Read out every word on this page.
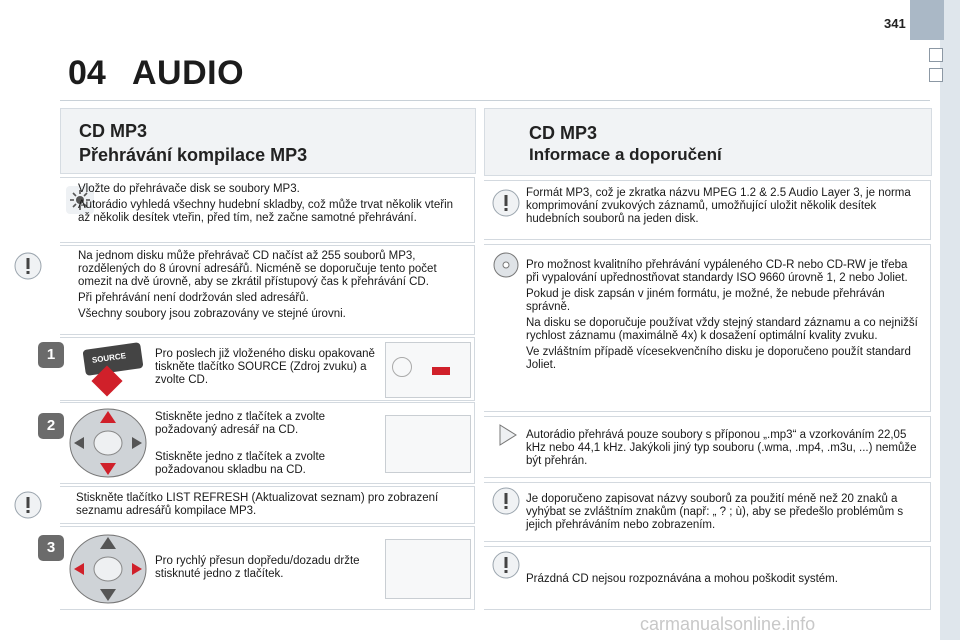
341
04 AUDIO
CD MP3
Přehrávání kompilace MP3

Vložte do přehrávače disk se soubory MP3.

Autorádio vyhledá všechny hudební skladby, což může trvat několik vteřin až několik desítek vteřin, před tím, než začne samotné přehrávání.

Na jednom disku může přehrávač CD načíst až 255 souborů MP3, rozdělených do 8 úrovní adresářů. Nicméně se doporučuje tento počet omezit na dvě úrovně, aby se zkrátil přístupový čas k přehrávání CD.

Při přehrávání není dodržován sled adresářů.

Všechny soubory jsou zobrazovány ve stejné úrovni.

1	SOURCE Pro poslech již vloženého disku opakovaně tiskněte tlačítko SOURCE (Zdroj zvuku) a zvolte CD.
2	Stiskněte jedno z tlačítek a zvolte požadovaný adresář na CD.
Stiskněte jedno z tlačítek a zvolte požadovanou skladbu na CD.
Stiskněte tlačítko LIST REFRESH (Aktualizovat seznam) pro zobrazení seznamu adresářů kompilace MP3.
3
Pro rychlý přesun dopředu/dozadu držte stisknuté jedno z tlačítek.
CD MP3
Informace a doporučení

Formát MP3, což je zkratka názvu MPEG 1.2 & 2.5 Audio Layer 3, je norma komprimování zvukových záznamů, umožňující uložit několik desítek hudebních souborů na jeden disk.

Pro možnost kvalitního přehrávání vypáleného CD-R nebo CD-RW je třeba při vypalování upřednostňovat standardy ISO 9660 úrovně 1, 2 nebo Joliet.

Pokud je disk zapsán v jiném formátu, je možné, že nebude přehráván správně.

Na disku se doporučuje používat vždy stejný standard záznamu a co nejnižší rychlost záznamu (maximálně 4x) k dosažení optimální kvality zvuku.

Ve zvláštním případě vícesekvenčního disku je doporučeno použít standard Joliet.

Autorádio přehrává pouze soubory s příponou „.mp3“ a vzorkováním 22,05 kHz nebo 44,1 kHz. Jakýkoli jiný typ souboru (.wma, .mp4, .m3u, ...) nemůže být přehrán.

Je doporučeno zapisovat názvy souborů za použití méně než 20 znaků a vyhýbat se zvláštním znakům (např: „ ? ; ù), aby se předešlo problémům s jejich přehráváním nebo zobrazením.

Prázdná CD nejsou rozpoznávána a mohou poškodit systém.

carmanualsonline.info
